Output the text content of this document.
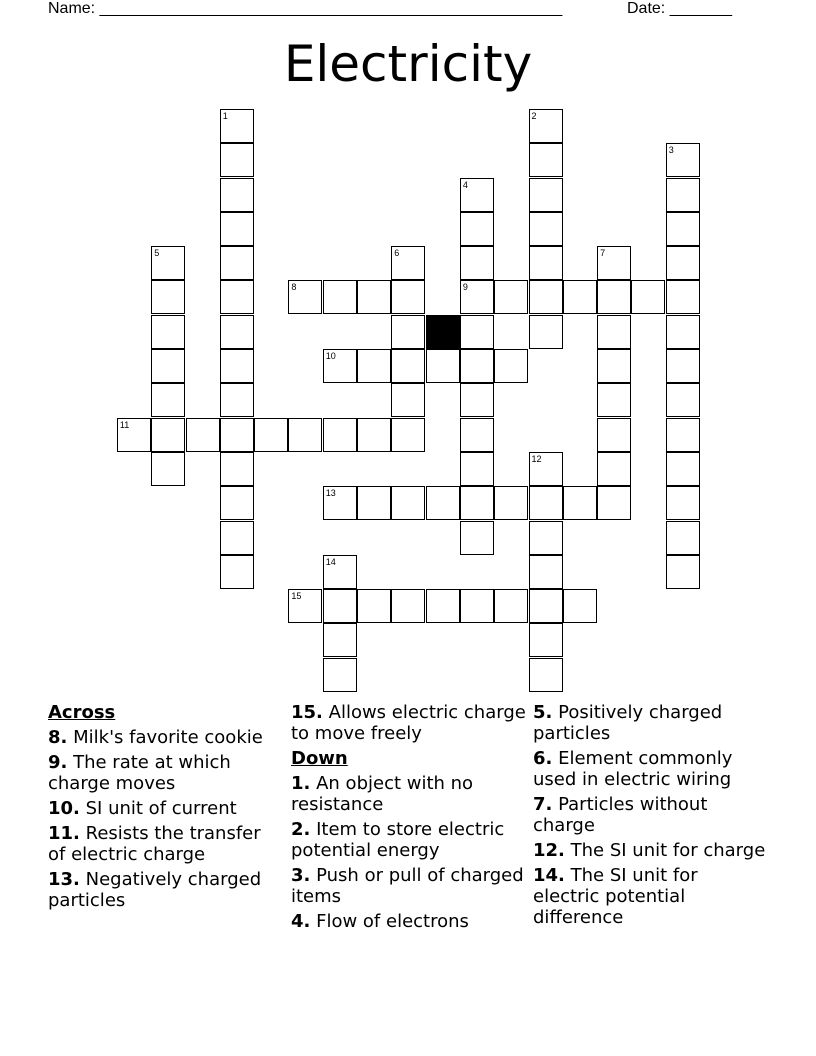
Name: ____________________________________________________	Date: _______
Electricity
1	2
3
4
9
5	6	7
8
10
11
12
13
14
15
Across
8. Milk's favorite cookie
9. The rate at which charge moves
10. SI unit of current
11. Resists the transfer of electric charge
13. Negatively charged particles
15. Allows electric charge to move freely
Down
1. An object with no resistance
2. Item to store electric potential energy
3. Push or pull of charged items
4. Flow of electrons
5. Positively charged particles
6. Element commonly used in electric wiring
7. Particles without charge
12. The SI unit for charge
14. The SI unit for electric potential difference
